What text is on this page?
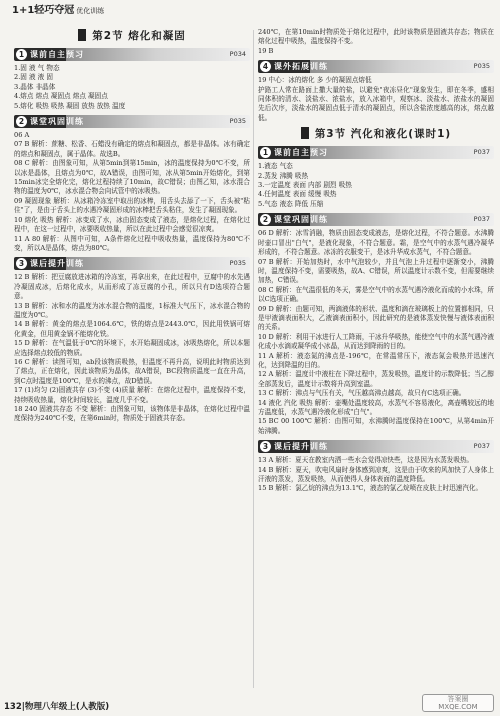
1+1轻巧夺冠 优化训练
第2节 熔化和凝固
1 课前自主预习	P034

1.固 液 气 物态

2.固 液 液 固

3.晶体 非晶体

4.熔点 熔点 凝固点 熔点 凝固点

5.熔化 吸热 吸热 凝固 放热 放热 温度

2 课堂巩固训练	P035

06 A

07 B 解析：蔗糖、松香、石蜡没有确定的熔点和凝固点，都是非晶体。冰有确定的熔点和凝固点，属于晶体。故选B。

08 C 解析：由图象可知，从第5min到第15min，冰的温度保持为0℃不变，所以冰是晶体，且熔点为0℃，故A错误，由图可知，冰从第5min开始熔化，到第15min冰完全熔化完，熔化过程持续了10min，故C错误；由图乙知，冰水混合物的温度为0℃，冰水混合物会向试管中的冰吸热。

09 凝固现象 解析：从冰箱冷冻室中取出的冰棒，用舌头去舔了一下，舌头被"粘住"了，是由于舌头上的水遇冷凝固形成的冰棒把舌头粘住，发生了凝固现象。

10 熔化 吸热 解析：冰变成了水，冰由固态变成了液态，是熔化过程，在熔化过程中，在这一过程中，冰要吸收热量，所以在此过程中会感觉很凉爽。

11 A 80 解析：从图中可知，A条件熔化过程中吸收热量，温度保持为80℃不变，所以A是晶体，熔点为80℃。

3 课后提升训练	P035

12 B 解析：把豆腐放进冰箱的冷冻室，再拿出来，在此过程中，豆腐中的水先遇冷凝固成冰，后熔化成水，从而形成了冻豆腐的小孔，所以只有D选项符合题意。

13 B 解析：冰和水的温度为冰水混合物的温度，1标准大气压下，冰水混合物的温度为0℃。

14 B 解析：黄金的熔点是1064.6℃，铁的熔点是2443.0℃，因此用铁锅可熔化黄金，但用黄金锅不能熔化铁。

15 D 解析：在气温低于0℃的环境下，水开始凝固成冰，冰吸热熔化，所以本题应选择熔点较低的物质。

16 C 解析：读图可知，ab段该物质吸热，但温度不再升高，说明此时物质达到了熔点，正在熔化，因此该物质为晶体，故A错误，BC段物质温度一直在升高，到C点时温度是100℃，是水的沸点，故D错误。

17 (1)均匀 (2)固液共存 (3)不变 (4)质量 解析：在熔化过程中，温度保持不变，持续吸收热量，熔化时间较长，温度几乎不变。

18 240 固液共存态 不变 解析：由图象可知，该物体是非晶体，在熔化过程中温度保持为240℃不变，在第6min时，物质处于固液共存态。

240℃，在第10min时物质处于熔化过程中，此时该物质是固液共存态；物质在熔化过程中吸热，温度保持不变。

19 B

4 课外拓展训练	P035

19 中心：冰的熔化 多 少的凝固点熔低

护路工人常在路面上撒大量的盐，以避免"夜冻昼化"现象发生，即在冬季，盛相同体积的清水、淡盐水、浓盐水，放入冰箱中，观察冰、淡盐水、浓盐水的凝固先后次序，淡盐水的凝固点低于清水的凝固点，所以含盐浓度越高的冰，熔点越低。

第3节 汽化和液化(课时1)
1 课前自主预习	P037

1.液态 气态

2.蒸发 沸腾 吸热

3.一定温度 表面 内部 剧烈 吸热

4.任何温度 表面 缓慢 吸热

5.气态 液态 降低 压缩

2 课堂巩固训练	P037

06 D 解析：冰雪消融，物质由固态变成液态，是熔化过程，不符合题意。水沸腾时壶口冒出"白气"，是液化现象，不符合题意。霜，是空气中的水蒸气遇冷凝华形成的，不符合题意。冰冻的衣服变干，是冰升华成水蒸气，不符合题意。

07 B 解析：开始加热时，水中气泡较少，并且气泡上升过程中逐渐变小，沸腾时，温度保持不变，需要吸热，故A、C错误，所以温度计示数不变，但需要继续加热，C错误。

08 C 解析：在气温很低的冬天，雾是空气中的水蒸气遇冷液化而成的小水珠，所以C选项正确。

09 D 解析：由题可知，两滴液体的形状、温度和滴在玻璃板上的位置都相同，只是甲液滴表面积大，乙液滴表面积小，因此研究的是液体蒸发快慢与液体表面积的关系。

10 D 解析：利用干冰进行人工降雨，干冰升华吸热，能使空气中的水蒸气遇冷液化成小水滴或凝华成小冰晶，从而达到降雨的目的。

11 A 解析：液态氮的沸点是-196℃，在常温常压下，液态氮会吸热并迅速汽化，达到降温的目的。

12 A 解析：温度计中液柱在下降过程中，蒸发吸热，温度计的示数降低；当乙醇全部蒸发后，温度计示数将升高到室温。

13 C 解析：沸点与气压有关，气压越高沸点越高，故只有C选项正确。

14 液化 汽化 吸热 解析：壶嘴处温度较高，水蒸气不容易液化，离壶嘴较远的地方温度低，水蒸气遇冷液化形成"白气"。

15 BC 00 100℃ 解析：由图可知，水沸腾时温度保持在100℃，从第4min开始沸腾。

3 课后提升训练	P037

13 A 解析：夏天在教室内洒一些水会觉得凉快些，这是因为水蒸发吸热。

14 B 解析：夏天，吹电风扇时身体感到凉爽，这是由于吹来的风加快了人身体上汗液的蒸发，蒸发吸热，从而使得人身体表面的温度降低。

15 B 解析：氯乙烷的沸点为13.1℃，液态的氯乙烷喷在皮肤上时迅速汽化。

132|物理八年级上(人教版)
答案圈
MXQE.COM
